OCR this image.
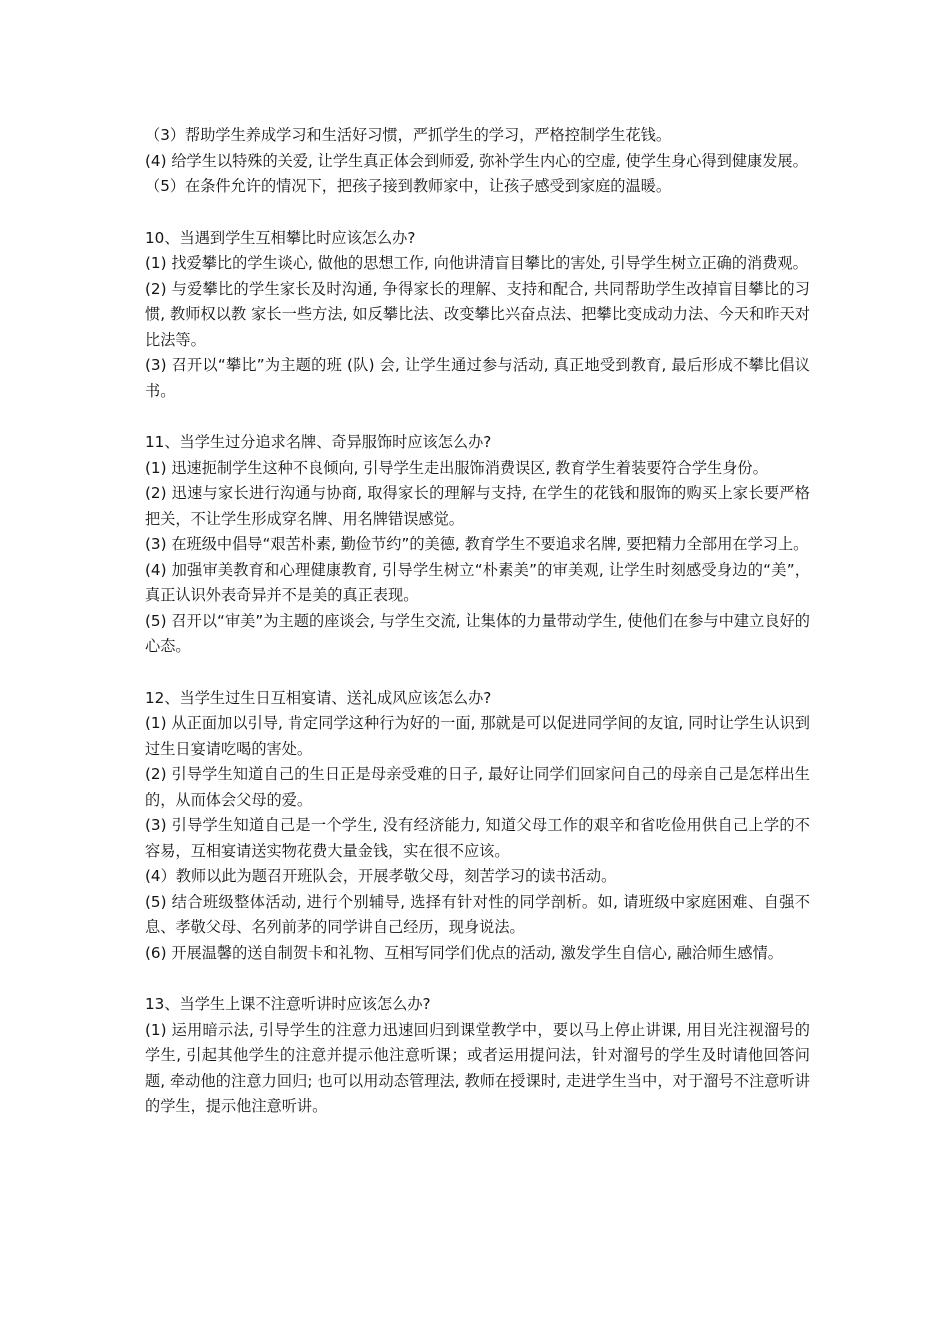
（3）帮助学生养成学习和生活好习惯，严抓学生的学习，严格控制学生花钱。

(4) 给学生以特殊的关爱, 让学生真正体会到师爱, 弥补学生内心的空虚, 使学生身心得到健康发展。

（5）在条件允许的情况下，把孩子接到教师家中，让孩子感受到家庭的温暖。

10、当遇到学生互相攀比时应该怎么办?

(1) 找爱攀比的学生谈心, 做他的思想工作, 向他讲清盲目攀比的害处, 引导学生树立正确的消费观。

(2) 与爱攀比的学生家长及时沟通, 争得家长的理解、支持和配合, 共同帮助学生改掉盲目攀比的习惯, 教师权以教 家长一些方法, 如反攀比法、改变攀比兴奋点法、把攀比变成动力法、今天和昨天对比法等。

(3) 召开以“攀比”为主题的班 (队) 会, 让学生通过参与活动, 真正地受到教育, 最后形成不攀比倡议书。

11、当学生过分追求名牌、奇异服饰时应该怎么办?

(1) 迅速扼制学生这种不良倾向, 引导学生走出服饰消费误区, 教育学生着装要符合学生身份。

(2) 迅速与家长进行沟通与协商, 取得家长的理解与支持, 在学生的花钱和服饰的购买上家长要严格把关，不让学生形成穿名牌、用名牌错误感觉。

(3) 在班级中倡导“艰苦朴素, 勤俭节约”的美德, 教育学生不要追求名牌, 要把精力全部用在学习上。

(4) 加强审美教育和心理健康教育, 引导学生树立“朴素美”的审美观, 让学生时刻感受身边的“美”，真正认识外表奇异并不是美的真正表现。

(5) 召开以“审美”为主题的座谈会, 与学生交流, 让集体的力量带动学生, 使他们在参与中建立良好的心态。

12、当学生过生日互相宴请、送礼成风应该怎么办?

(1) 从正面加以引导, 肯定同学这种行为好的一面, 那就是可以促进同学间的友谊, 同时让学生认识到过生日宴请吃喝的害处。

(2) 引导学生知道自己的生日正是母亲受难的日子, 最好让同学们回家问自己的母亲自己是怎样出生的，从而体会父母的爱。

(3) 引导学生知道自己是一个学生, 没有经济能力, 知道父母工作的艰辛和省吃俭用供自己上学的不容易，互相宴请送实物花费大量金钱，实在很不应该。

(4）教师以此为题召开班队会，开展孝敬父母，刻苦学习的读书活动。

(5) 结合班级整体活动, 进行个别辅导, 选择有针对性的同学剖析。如, 请班级中家庭困难、自强不息、孝敬父母、名列前茅的同学讲自己经历，现身说法。

(6) 开展温馨的送自制贺卡和礼物、互相写同学们优点的活动, 激发学生自信心, 融洽师生感情。

13、当学生上课不注意听讲时应该怎么办?

(1) 运用暗示法, 引导学生的注意力迅速回归到课堂教学中，要以马上停止讲课, 用目光注视溜号的学生, 引起其他学生的注意并提示他注意听课；或者运用提问法，针对溜号的学生及时请他回答问题, 牵动他的注意力回归; 也可以用动态管理法, 教师在授课时, 走进学生当中，对于溜号不注意听讲的学生，提示他注意听讲。
